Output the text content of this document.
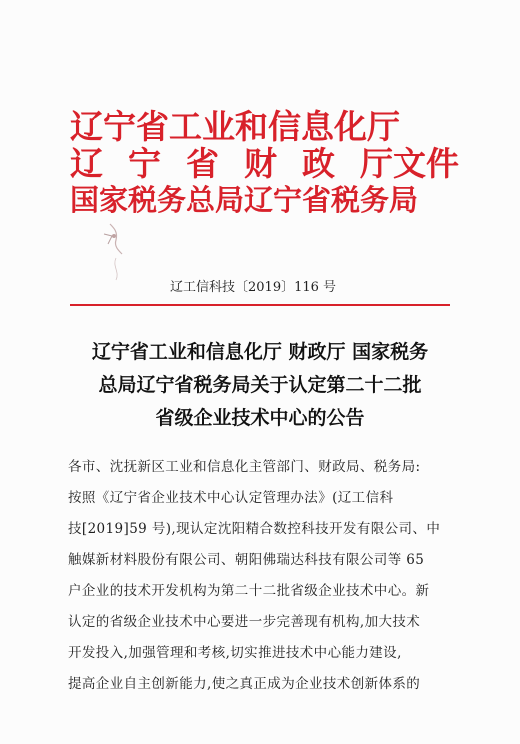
辽宁省工业和信息化厅
辽 宁 省 财 政 厅文件
国家税务总局辽宁省税务局
辽工信科技〔2019〕116 号
辽宁省工业和信息化厅 财政厅 国家税务
总局辽宁省税务局关于认定第二十二批
省级企业技术中心的公告
各市、沈抚新区工业和信息化主管部门、财政局、税务局:
按照《辽宁省企业技术中心认定管理办法》(辽工信科
技[2019]59 号),现认定沈阳精合数控科技开发有限公司、中
触媒新材料股份有限公司、朝阳佛瑞达科技有限公司等 65
户企业的技术开发机构为第二十二批省级企业技术中心。新
认定的省级企业技术中心要进一步完善现有机构,加大技术
开发投入,加强管理和考核,切实推进技术中心能力建设,
提高企业自主创新能力,使之真正成为企业技术创新体系的
